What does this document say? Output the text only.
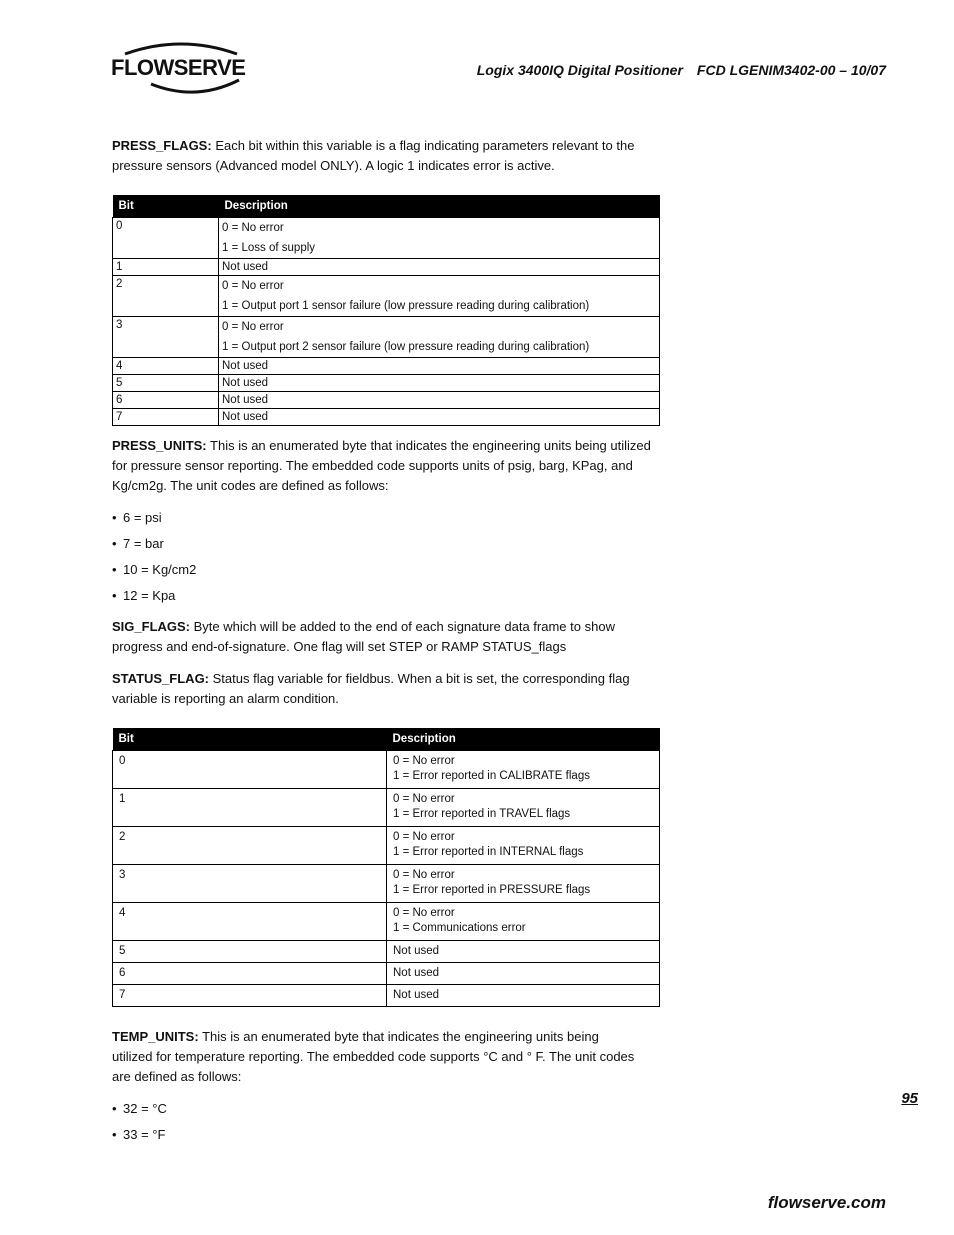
FLOWSERVE	Logix 3400IQ Digital Positioner FCD LGENIM3402-00 – 10/07
PRESS_FLAGS: Each bit within this variable is a flag indicating parameters relevant to the pressure sensors (Advanced model ONLY). A logic 1 indicates error is active.
Bit	Description
0	0 = No error
1 = Loss of supply

1	Not used

2	0 = No error
1 = Output port 1 sensor failure (low pressure reading during calibration)

3	0 = No error
1 = Output port 2 sensor failure (low pressure reading during calibration)

4	Not used

5	Not used

6	Not used

7	Not used
PRESS_UNITS: This is an enumerated byte that indicates the engineering units being utilized for pressure sensor reporting. The embedded code supports units of psig, barg, KPag, and Kg/cm2g. The unit codes are defined as follows:
• 6 = psi
• 7 = bar
• 10 = Kg/cm2
• 12 = Kpa
SIG_FLAGS: Byte which will be added to the end of each signature data frame to show progress and end-of-signature. One flag will set STEP or RAMP STATUS_flags
STATUS_FLAG: Status flag variable for fieldbus. When a bit is set, the corresponding flag variable is reporting an alarm condition.
Bit	Description
0	0 = No error
1 = Error reported in CALIBRATE flags

1	0 = No error
1 = Error reported in TRAVEL flags

2	0 = No error
1 = Error reported in INTERNAL flags

3	0 = No error
1 = Error reported in PRESSURE flags

4	0 = No error
1 = Communications error

5	Not used

6	Not used

7	Not used
TEMP_UNITS: This is an enumerated byte that indicates the engineering units being utilized for temperature reporting. The embedded code supports °C and ° F. The unit codes are defined as follows:
• 32 = °C
• 33 = °F
95
flowserve.com
